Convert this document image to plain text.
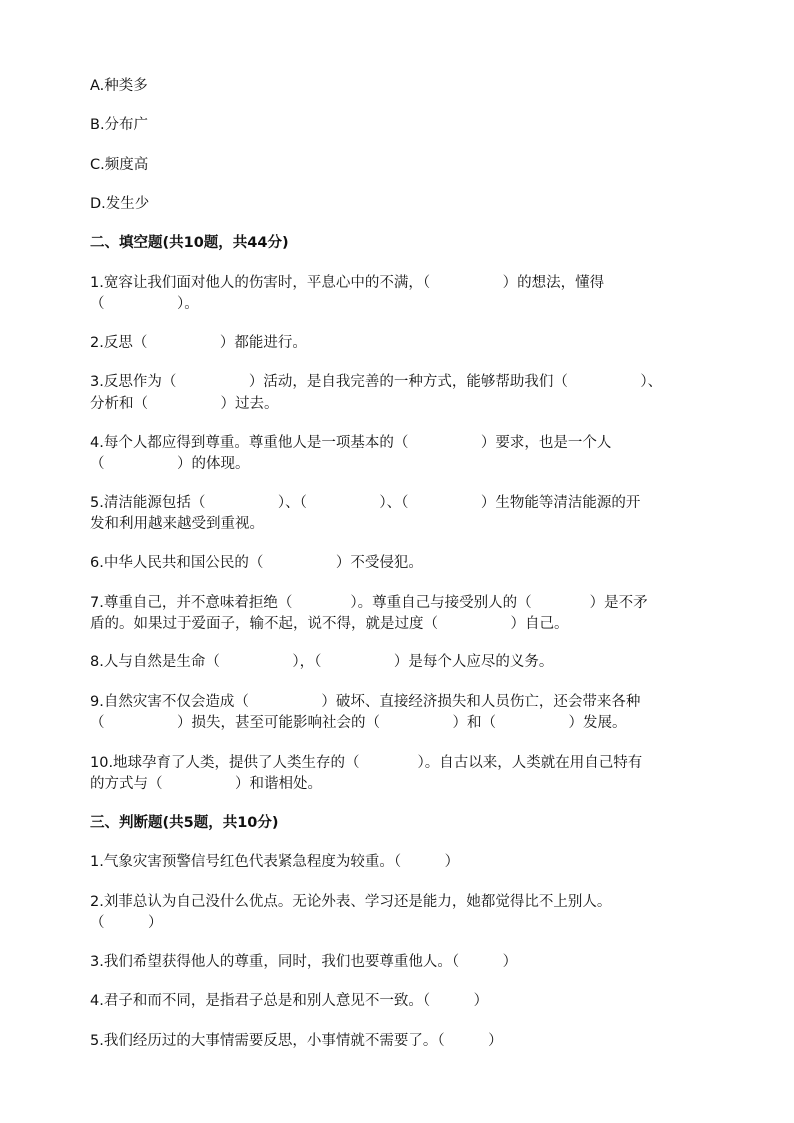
A.种类多
B.分布广
C.频度高
D.发生少
二、填空题(共10题，共44分)
1.宽容让我们面对他人的伤害时，平息心中的不满，（　　　　　）的想法，懂得
（　　　　　）。
2.反思（　　　　　）都能进行。
3.反思作为（　　　　　）活动，是自我完善的一种方式，能够帮助我们（　　　　　）、
分析和（　　　　　）过去。
4.每个人都应得到尊重。尊重他人是一项基本的（　　　　　）要求，也是一个人
（　　　　　）的体现。
5.清洁能源包括（　　　　　）、（　　　　　）、（　　　　　）生物能等清洁能源的开
发和利用越来越受到重视。
6.中华人民共和国公民的（　　　　　）不受侵犯。
7.尊重自己，并不意味着拒绝（　　　　）。尊重自己与接受别人的（　　　　）是不矛
盾的。如果过于爱面子，输不起，说不得，就是过度（　　　　　）自己。
8.人与自然是生命（　　　　　），（　　　　　）是每个人应尽的义务。
9.自然灾害不仅会造成（　　　　　）破坏、直接经济损失和人员伤亡，还会带来各种
（　　　　　）损失，甚至可能影响社会的（　　　　　）和（　　　　　）发展。
10.地球孕育了人类，提供了人类生存的（　　　　）。自古以来，人类就在用自己特有
的方式与（　　　　　）和谐相处。
三、判断题(共5题，共10分)
1.气象灾害预警信号红色代表紧急程度为较重。（　　　）
2.刘菲总认为自己没什么优点。无论外表、学习还是能力，她都觉得比不上别人。
（　　　）
3.我们希望获得他人的尊重，同时，我们也要尊重他人。（　　　）
4.君子和而不同，是指君子总是和别人意见不一致。（　　　）
5.我们经历过的大事情需要反思，小事情就不需要了。（　　　）
